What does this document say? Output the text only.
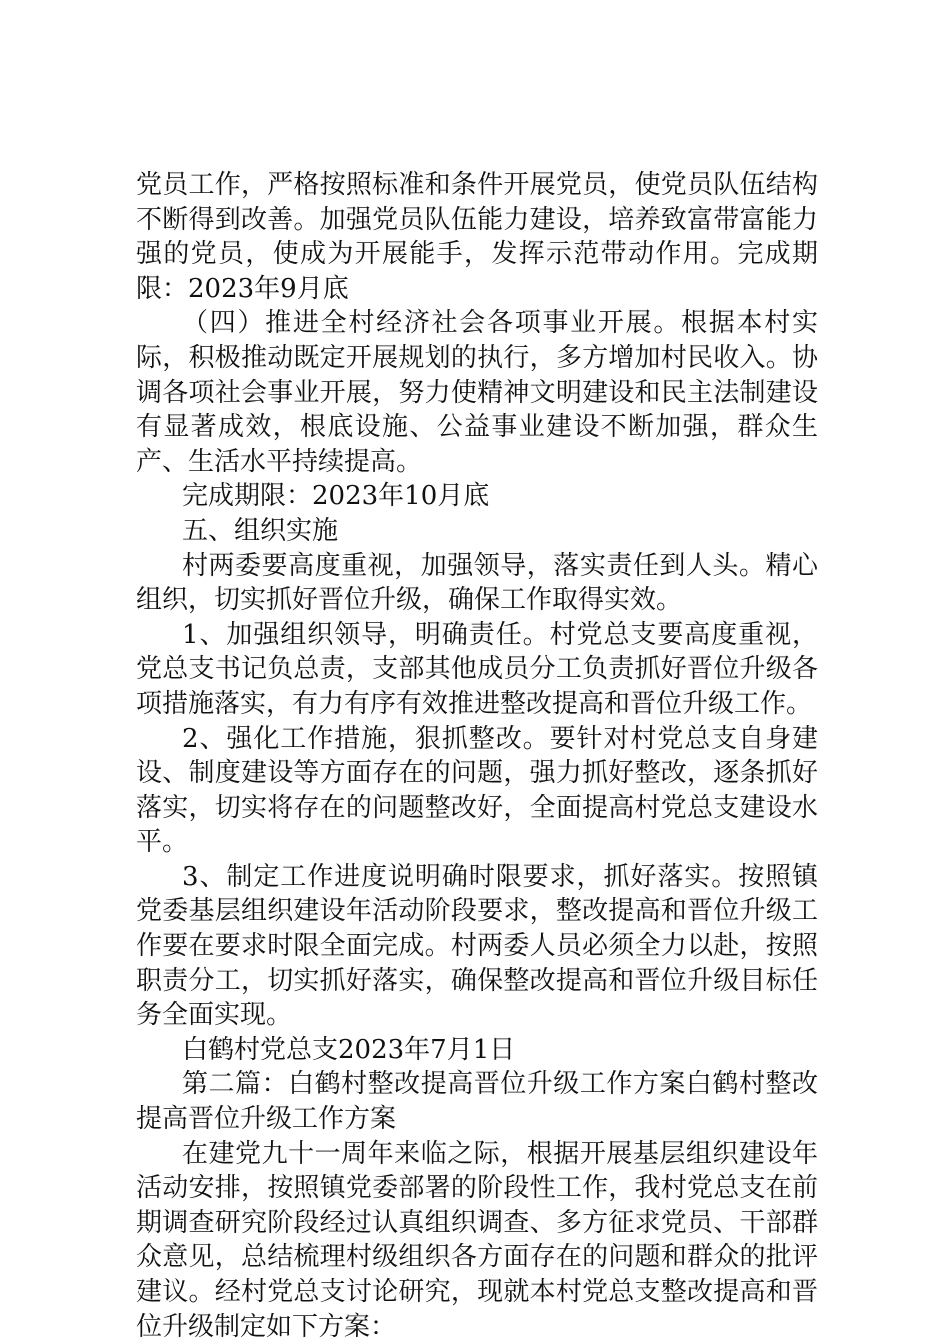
党员工作，严格按照标准和条件开展党员，使党员队伍结构不断得到改善。加强党员队伍能力建设，培养致富带富能力强的党员，使成为开展能手，发挥示范带动作用。完成期限：2023年9月底

（四）推进全村经济社会各项事业开展。根据本村实际，积极推动既定开展规划的执行，多方增加村民收入。协调各项社会事业开展，努力使精神文明建设和民主法制建设有显著成效，根底设施、公益事业建设不断加强，群众生产、生活水平持续提高。

完成期限：2023年10月底

五、组织实施

村两委要高度重视，加强领导，落实责任到人头。精心组织，切实抓好晋位升级，确保工作取得实效。

1、加强组织领导，明确责任。村党总支要高度重视，党总支书记负总责，支部其他成员分工负责抓好晋位升级各项措施落实，有力有序有效推进整改提高和晋位升级工作。

2、强化工作措施，狠抓整改。要针对村党总支自身建设、制度建设等方面存在的问题，强力抓好整改，逐条抓好落实，切实将存在的问题整改好，全面提高村党总支建设水平。

3、制定工作进度说明确时限要求，抓好落实。按照镇党委基层组织建设年活动阶段要求，整改提高和晋位升级工作要在要求时限全面完成。村两委人员必须全力以赴，按照职责分工，切实抓好落实，确保整改提高和晋位升级目标任务全面实现。

白鹤村党总支2023年7月1日

第二篇：白鹤村整改提高晋位升级工作方案白鹤村整改提高晋位升级工作方案

在建党九十一周年来临之际，根据开展基层组织建设年活动安排，按照镇党委部署的阶段性工作，我村党总支在前期调查研究阶段经过认真组织调查、多方征求党员、干部群众意见，总结梳理村级组织各方面存在的问题和群众的批评建议。经村党总支讨论研究，现就本村党总支整改提高和晋位升级制定如下方案：
